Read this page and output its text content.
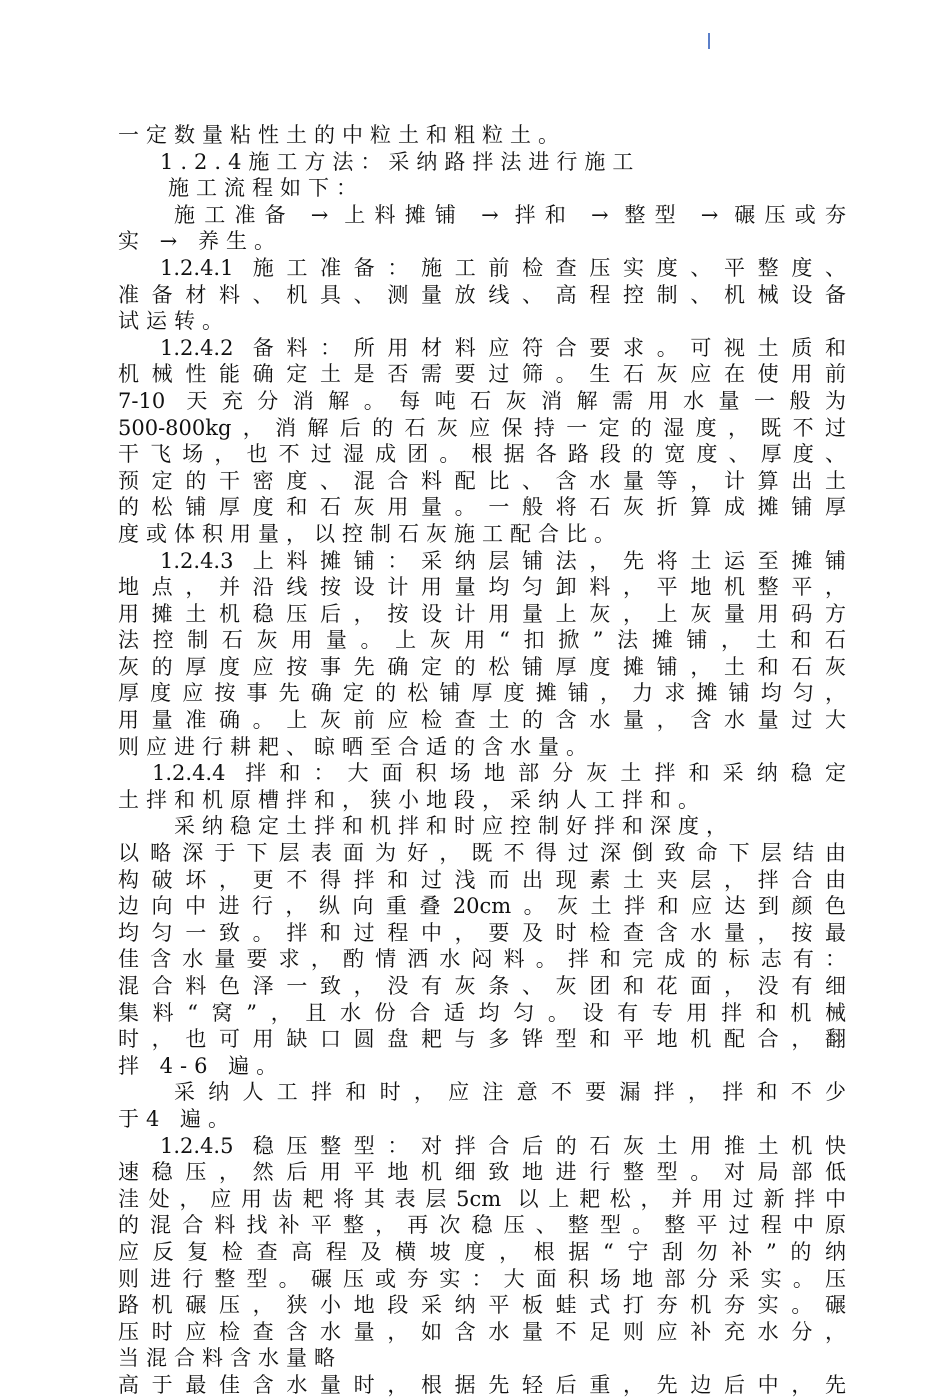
一定数量粘性土的中粒土和粗粒土。
1.2.4施工方法：采纳路拌法进行施工
施工流程如下：
施工准备 → 上料摊铺 → 拌和 → 整型 → 碾压或夯
实 → 养生。
1.2.4.1 施工准备：施工前检查压实度、平整度、
准备材料、机具、测量放线、高程控制、机械设备
试运转。
1.2.4.2 备料：所用材料应符合要求。可视土质和
机械性能确定土是否需要过筛。生石灰应在使用前
7-10 天充分消解。每吨石灰消解需用水量一般为
500-800kg，消解后的石灰应保持一定的湿度，既不过
干飞场，也不过湿成团。根据各路段的宽度、厚度、
预定的干密度、混合料配比、含水量等，计算出土
的松铺厚度和石灰用量。一般将石灰折算成摊铺厚
度或体积用量，以控制石灰施工配合比。
1.2.4.3 上料摊铺：采纳层铺法，先将土运至摊铺
地点，并沿线按设计用量均匀卸料，平地机整平，
用摊土机稳压后，按设计用量上灰，上灰量用码方
法控制石灰用量。上灰用“扣掀”法摊铺，土和石
灰的厚度应按事先确定的松铺厚度摊铺，土和石灰
厚度应按事先确定的松铺厚度摊铺，力求摊铺均匀，
用量准确。上灰前应检查土的含水量，含水量过大
则应进行耕耙、晾晒至合适的含水量。
1.2.4.4 拌和：大面积场地部分灰土拌和采纳稳定
土拌和机原槽拌和，狭小地段，采纳人工拌和。
采纳稳定土拌和机拌和时应控制好拌和深度，
以略深于下层表面为好，既不得过深倒致命下层结由
构破坏，更不得拌和过浅而出现素土夹层，拌合由
边向中进行，纵向重叠20cm。灰土拌和应达到颜色
均匀一致。拌和过程中，要及时检查含水量，按最
佳含水量要求，酌情洒水闷料。拌和完成的标志有：
混合料色泽一致，没有灰条、灰团和花面，没有细
集料“窝”，且水份合适均匀。设有专用拌和机械
时，也可用缺口圆盘耙与多铧型和平地机配合，翻
拌 4-6 遍。
采纳人工拌和时，应注意不要漏拌，拌和不少
于4 遍。
1.2.4.5 稳压整型：对拌合后的石灰土用推土机快
速稳压，然后用平地机细致地进行整型。对局部低
洼处，应用齿耙将其表层5cm 以上耙松，并用过新拌中
的混合料找补平整，再次稳压、整型。整平过程中原
应反复检查高程及横坡度，根据“宁刮勿补”的纳
则进行整型。碾压或夯实：大面积场地部分采实。压
路机碾压，狭小地段采纳平板蛙式打夯机夯实。碾
压时应检查含水量，如含水量不足则应补充水分，
当混合料含水量略
高于最佳含水量时，根据先轻后重，先边后中，先
